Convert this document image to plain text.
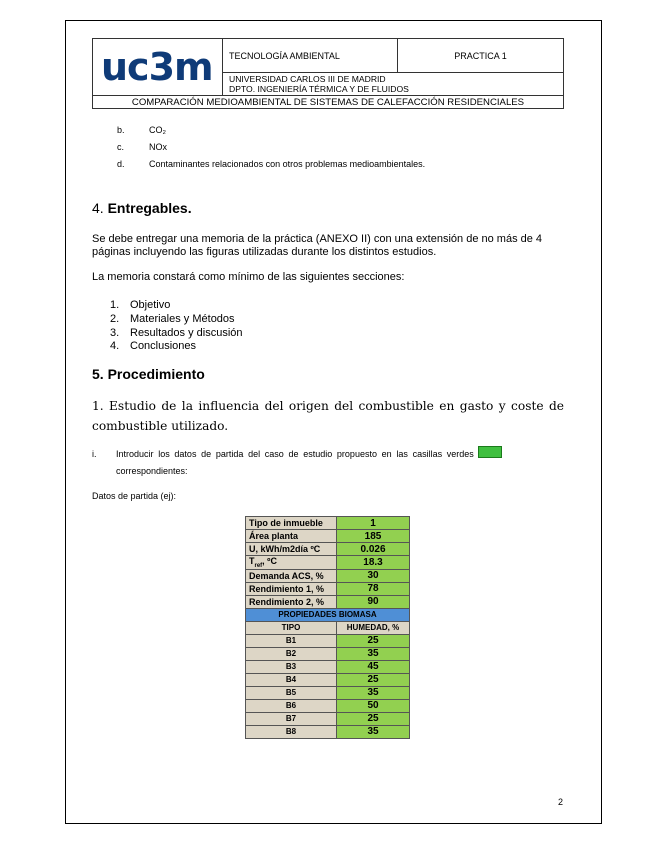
uc3m	TECNOLOGÍA AMBIENTAL	PRACTICA 1
UNIVERSIDAD CARLOS III DE MADRID
DPTO. INGENIERÍA TÉRMICA Y DE FLUIDOS
COMPARACIÓN MEDIOAMBIENTAL DE SISTEMAS DE CALEFACCIÓN RESIDENCIALES
b.	CO₂
c.	NOx
d.	Contaminantes relacionados con otros problemas medioambientales.
4. Entregables.
Se debe entregar una memoria de la práctica (ANEXO II) con una extensión de no más de 4 páginas incluyendo las figuras utilizadas durante los distintos estudios.
La memoria constará como mínimo de las siguientes secciones:
1. Objetivo
2. Materiales y Métodos
3. Resultados y discusión
4. Conclusiones
5. Procedimiento
1. Estudio de la influencia del origen del combustible en gasto y coste de combustible utilizado.
i. Introducir los datos de partida del caso de estudio propuesto en las casillas verdes
correspondientes:
Datos de partida (ej):
Tipo de inmueble	1
Área planta	185
U, kWh/m2día ºC	0.026
$T_{ref}$, ºC	18.3
Demanda ACS, %	30
Rendimiento 1, %	78
Rendimiento 2, %	90
PROPIEDADES BIOMASA	
TIPO	HUMEDAD, %
B1	25
B2	35
B3	45
B4	25
B5	35
B6	50
B7	25
B8	35
2
